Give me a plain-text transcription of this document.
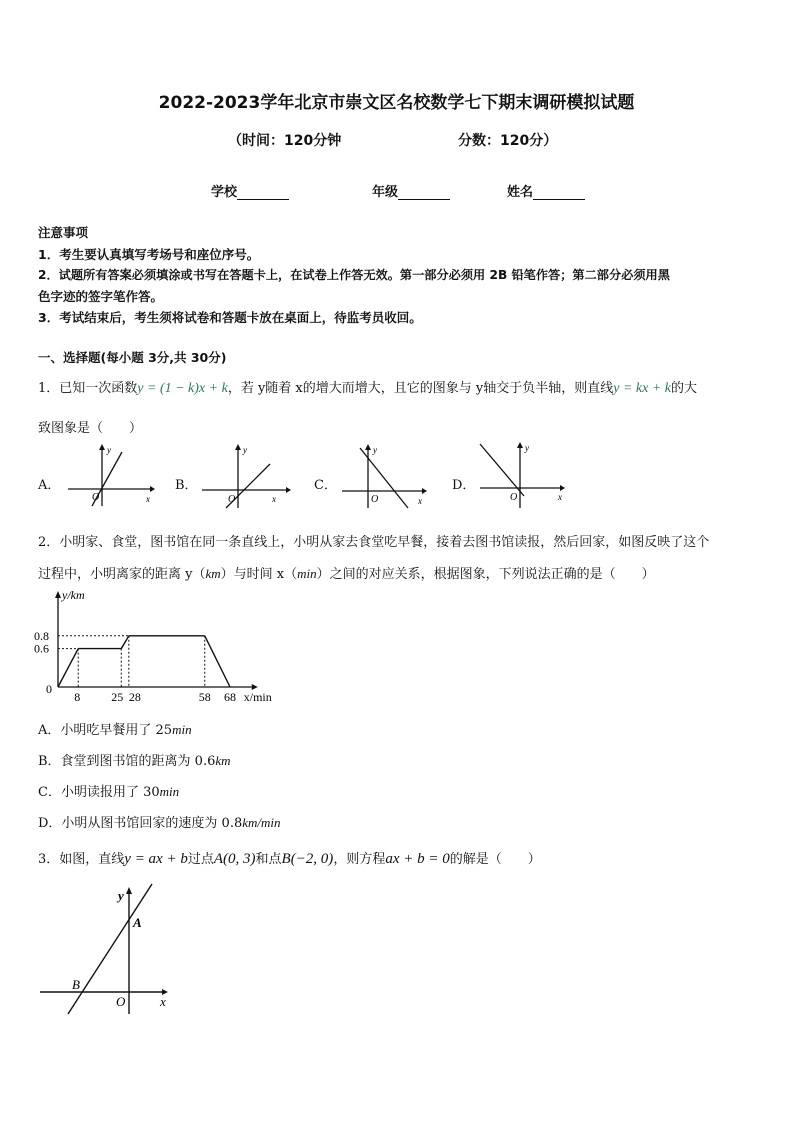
2022-2023学年北京市崇文区名校数学七下期末调研模拟试题
（时间：120分钟	分数：120分）
学校	年级	姓名
注意事项
1．考生要认真填写考场号和座位序号。
2．试题所有答案必须填涂或书写在答题卡上，在试卷上作答无效。第一部分必须用 2B 铅笔作答；第二部分必须用黑
色字迹的签字笔作答。
3．考试结束后，考生须将试卷和答题卡放在桌面上，待监考员收回。
一、选择题(每小题 3分,共 30分)
1．已知一次函数y = (1 − k)x + k，若 y随着 x的增大而增大，且它的图象与 y轴交于负半轴，则直线y = kx + k的大
致图象是（　　）
A．
y
x
O
B．
y
x
O
C．
y
x
O
D．
y
x
O
2．小明家、食堂，图书馆在同一条直线上，小明从家去食堂吃早餐，接着去图书馆读报，然后回家，如图反映了这个
过程中，小明离家的距离 y（km）与时间 x（min）之间的对应关系，根据图象，下列说法正确的是（　　）
y/km
x/min
0
0.6
0.8
8	25 28	58 68
A．小明吃早餐用了 25min
B．食堂到图书馆的距离为 0.6km
C．小明读报用了 30min
D．小明从图书馆回家的速度为 0.8km/min
3．如图，直线y = ax + b过点A(0, 3)和点B(−2, 0)，则方程ax + b = 0的解是（　　）
y
x
A
B
O
